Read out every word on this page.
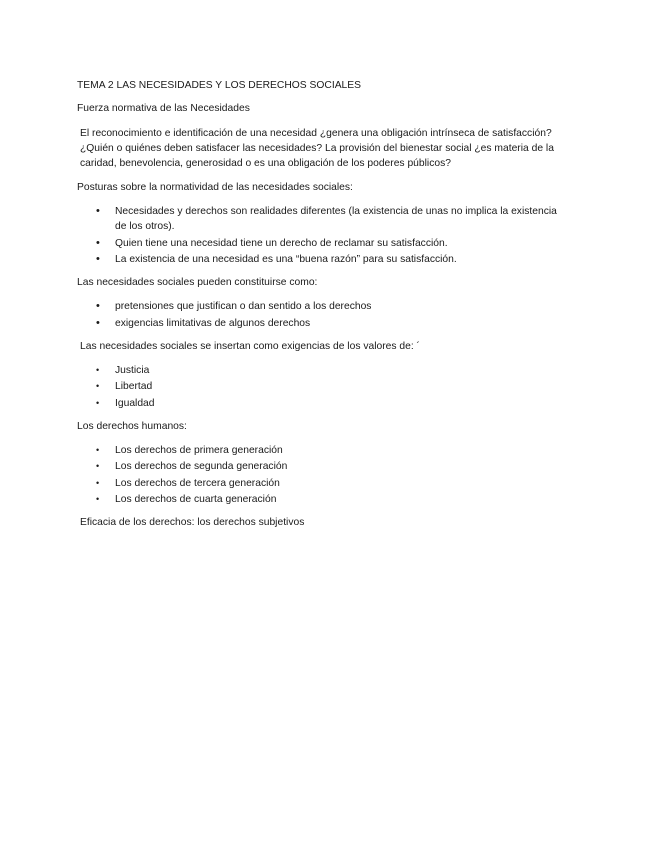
TEMA 2 LAS NECESIDADES Y LOS DERECHOS SOCIALES

Fuerza normativa de las Necesidades

El reconocimiento e identificación de una necesidad ¿genera una obligación intrínseca de satisfacción? ¿Quién o quiénes deben satisfacer las necesidades? La provisión del bienestar social ¿es materia de la caridad, benevolencia, generosidad o es una obligación de los poderes públicos?

Posturas sobre la normatividad de las necesidades sociales:

• Necesidades y derechos son realidades diferentes (la existencia de unas no implica la existencia de los otros).
• Quien tiene una necesidad tiene un derecho de reclamar su satisfacción.
• La existencia de una necesidad es una “buena razón” para su satisfacción.

Las necesidades sociales pueden constituirse como:

• pretensiones que justifican o dan sentido a los derechos
• exigencias limitativas de algunos derechos

Las necesidades sociales se insertan como exigencias de los valores de: ´

• Justicia
• Libertad
• Igualdad

Los derechos humanos:

• Los derechos de primera generación
• Los derechos de segunda generación
• Los derechos de tercera generación
• Los derechos de cuarta generación

Eficacia de los derechos: los derechos subjetivos
